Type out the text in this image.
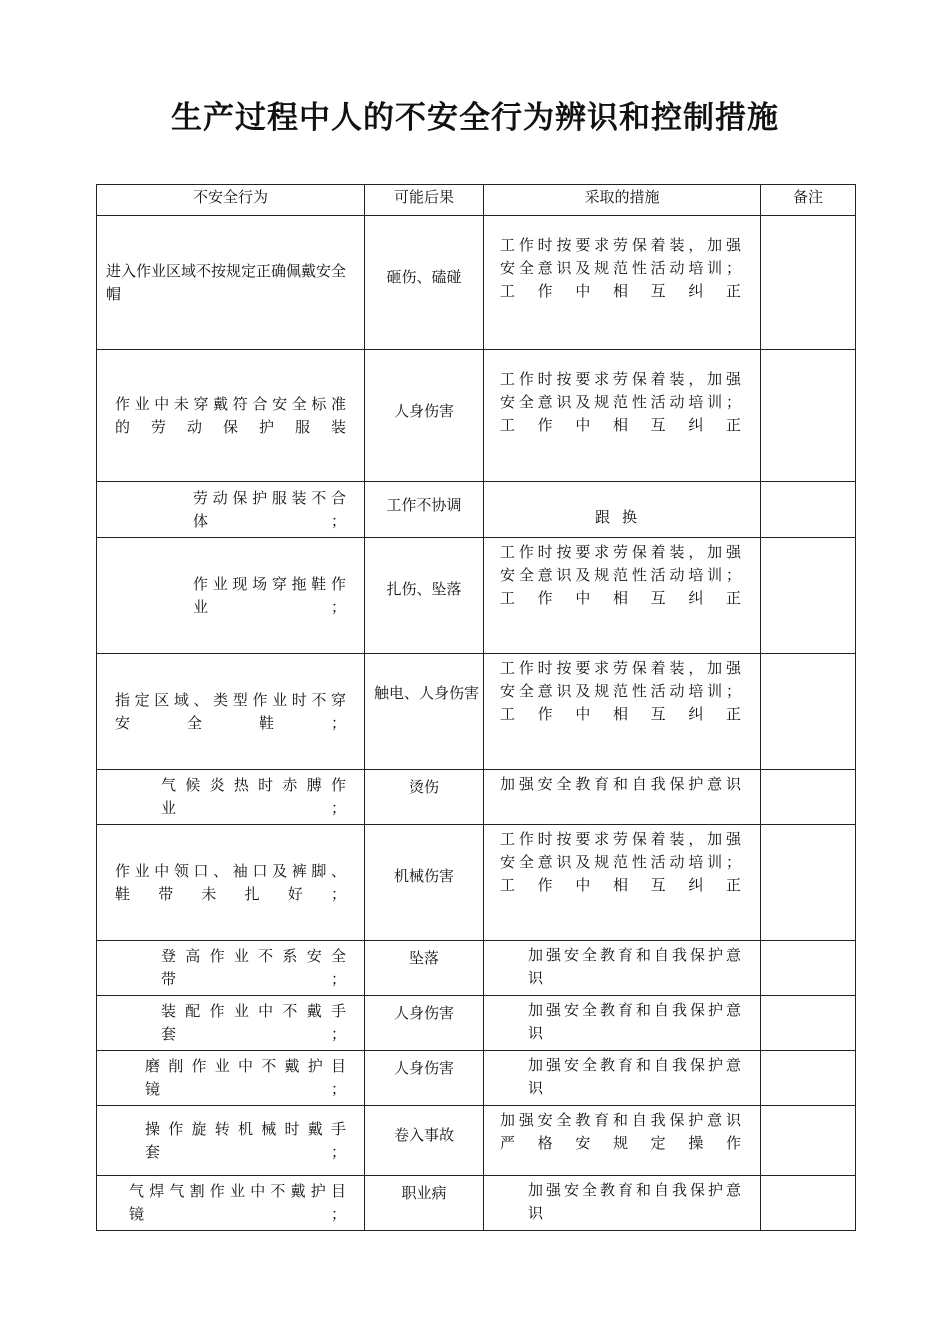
生产过程中人的不安全行为辨识和控制措施
不安全行为	可能后果	采取的措施	备注
进入作业区域不按规定正确佩戴安全帽	砸伤、磕碰	工作时按要求劳保着装，加强安全意识及规范性活动培训；工作中相互纠正	
作业中未穿戴符合安全标准的劳动保护服装	人身伤害	工作时按要求劳保着装，加强安全意识及规范性活动培训；工作中相互纠正	
劳动保护服装不合体；	工作不协调	跟换	
作业现场穿拖鞋作业；	扎伤、坠落	工作时按要求劳保着装，加强安全意识及规范性活动培训；工作中相互纠正	
指定区域、类型作业时不穿安全鞋；	触电、人身伤害	工作时按要求劳保着装，加强安全意识及规范性活动培训；工作中相互纠正	
气候炎热时赤膊作业；	烫伤	加强安全教育和自我保护意识	
作业中领口、袖口及裤脚、鞋带未扎好；	机械伤害	工作时按要求劳保着装，加强安全意识及规范性活动培训；工作中相互纠正	
登高作业不系安全带；	坠落	加强安全教育和自我保护意识	
装配作业中不戴手套；	人身伤害	加强安全教育和自我保护意识	
磨削作业中不戴护目镜；	人身伤害	加强安全教育和自我保护意识	
操作旋转机械时戴手套；	卷入事故	加强安全教育和自我保护意识严格安规定操作	
气焊气割作业中不戴护目镜；	职业病	加强安全教育和自我保护意识	
